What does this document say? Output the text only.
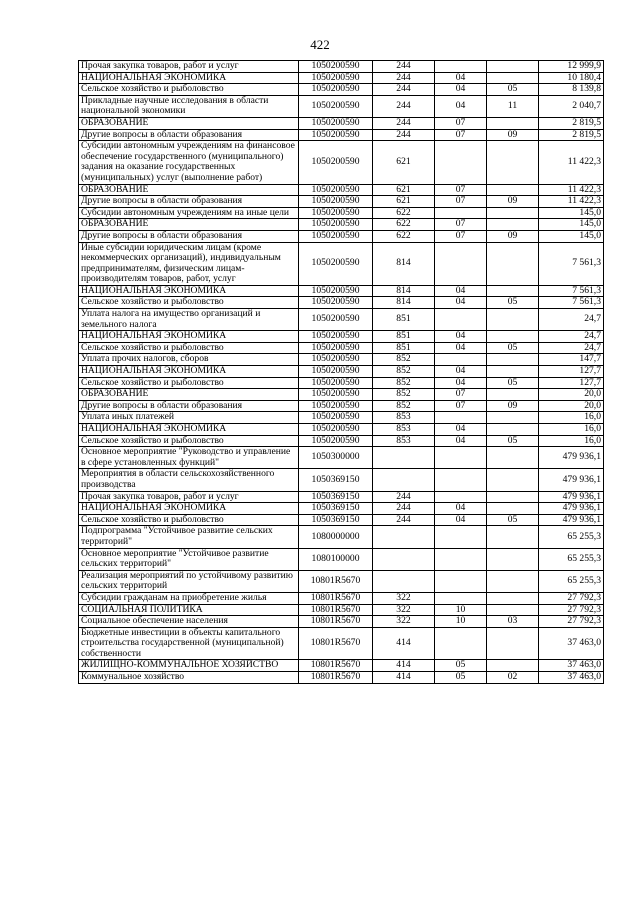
422
Прочая закупка товаров, работ и услуг	1050200590	244			12 999,9
НАЦИОНАЛЬНАЯ ЭКОНОМИКА	1050200590	244	04		10 180,4
Сельское хозяйство и рыболовство	1050200590	244	04	05	8 139,8
Прикладные научные исследования в области национальной экономики	1050200590	244	04	11	2 040,7
ОБРАЗОВАНИЕ	1050200590	244	07		2 819,5
Другие вопросы в области образования	1050200590	244	07	09	2 819,5
Субсидии автономным учреждениям на финансовое обеспечение государственного (муниципального) задания на оказание государственных (муниципальных) услуг (выполнение работ)	1050200590	621			11 422,3
ОБРАЗОВАНИЕ	1050200590	621	07		11 422,3
Другие вопросы в области образования	1050200590	621	07	09	11 422,3
Субсидии автономным учреждениям на иные цели	1050200590	622			145,0
ОБРАЗОВАНИЕ	1050200590	622	07		145,0
Другие вопросы в области образования	1050200590	622	07	09	145,0
Иные субсидии юридическим лицам (кроме некоммерческих организаций), индивидуальным предпринимателям, физическим лицам-производителям товаров, работ, услуг	1050200590	814			7 561,3
НАЦИОНАЛЬНАЯ ЭКОНОМИКА	1050200590	814	04		7 561,3
Сельское хозяйство и рыболовство	1050200590	814	04	05	7 561,3
Уплата налога на имущество организаций и земельного налога	1050200590	851			24,7
НАЦИОНАЛЬНАЯ ЭКОНОМИКА	1050200590	851	04		24,7
Сельское хозяйство и рыболовство	1050200590	851	04	05	24,7
Уплата прочих налогов, сборов	1050200590	852			147,7
НАЦИОНАЛЬНАЯ ЭКОНОМИКА	1050200590	852	04		127,7
Сельское хозяйство и рыболовство	1050200590	852	04	05	127,7
ОБРАЗОВАНИЕ	1050200590	852	07		20,0
Другие вопросы в области образования	1050200590	852	07	09	20,0
Уплата иных платежей	1050200590	853			16,0
НАЦИОНАЛЬНАЯ ЭКОНОМИКА	1050200590	853	04		16,0
Сельское хозяйство и рыболовство	1050200590	853	04	05	16,0
Основное мероприятие "Руководство и управление в сфере установленных функций"	1050300000				479 936,1
Мероприятия в области сельскохозяйственного производства	1050369150				479 936,1
Прочая закупка товаров, работ и услуг	1050369150	244			479 936,1
НАЦИОНАЛЬНАЯ ЭКОНОМИКА	1050369150	244	04		479 936,1
Сельское хозяйство и рыболовство	1050369150	244	04	05	479 936,1
Подпрограмма "Устойчивое развитие сельских территорий"	1080000000				65 255,3
Основное мероприятие "Устойчивое развитие сельских территорий"	1080100000				65 255,3
Реализация мероприятий по устойчивому развитию сельских территорий	10801R5670				65 255,3
Субсидии гражданам на приобретение жилья	10801R5670	322			27 792,3
СОЦИАЛЬНАЯ ПОЛИТИКА	10801R5670	322	10		27 792,3
Социальное обеспечение населения	10801R5670	322	10	03	27 792,3
Бюджетные инвестиции в объекты капитального строительства государственной (муниципальной) собственности	10801R5670	414			37 463,0
ЖИЛИЩНО-КОММУНАЛЬНОЕ ХОЗЯЙСТВО	10801R5670	414	05		37 463,0
Коммунальное хозяйство	10801R5670	414	05	02	37 463,0
